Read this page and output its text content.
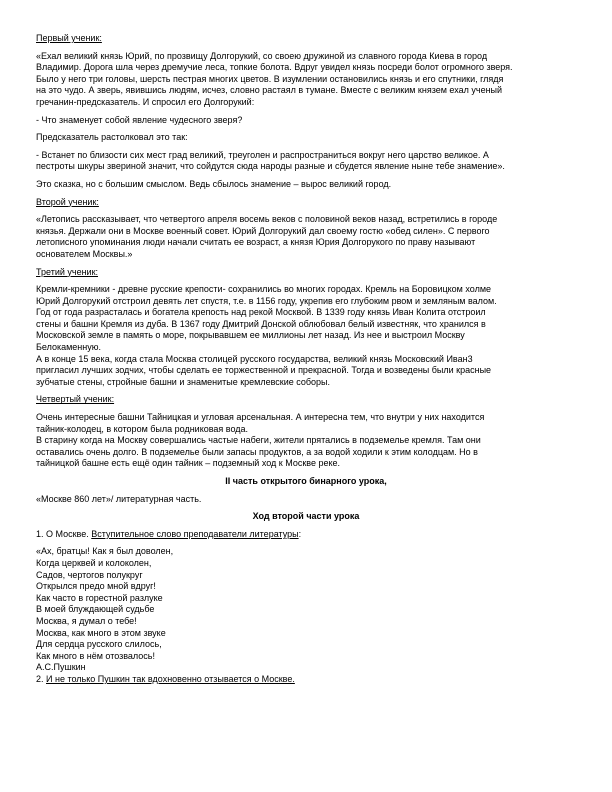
Первый ученик:
«Ехал великий князь Юрий, по прозвищу Долгорукий, со своею дружиной из славного города Киева в город
Владимир. Дорога шла через дремучие леса, топкие болота. Вдруг увидел князь посреди болот огромного зверя.
Было у него три головы, шерсть пестрая многих цветов. В изумлении остановились князь и его спутники, глядя
на это чудо. А зверь, явившись людям, исчез, словно растаял в тумане. Вместе с великим князем ехал ученый
гречанин-предсказатель. И спросил его Долгорукий:
- Что знаменует собой явление чудесного зверя?
Предсказатель растолковал это так:
- Встанет по близости сих мест град великий, треуголен и распространиться вокруг него царство великое. А
пестроты шкуры звериной значит, что сойдутся сюда народы разные и сбудется явление ныне тебе знамение».
Это сказка, но с большим смыслом. Ведь сбылось знамение – вырос великий город.
Второй ученик:
«Летопись рассказывает, что четвертого апреля восемь веков с половиной веков назад, встретились в городе
князья. Держали они в Москве военный совет. Юрий Долгорукий дал своему гостю «обед силен». С первого
летописного упоминания люди начали считать ее возраст, а князя Юрия Долгорукого по праву называют
основателем Москвы.»
Третий ученик:
Кремли-кремники - древне русские крепости- сохранились во многих городах. Кремль на Боровицком холме
Юрий Долгорукий отстроил девять лет спустя, т.е. в 1156 году, укрепив его глубоким рвом и земляным валом.
Год от года разрасталась и богатела крепость над рекой Москвой. В 1339 году князь Иван Колита отстроил
стены и башни Кремля из дуба. В 1367 году Дмитрий Донской облюбовал белый известняк, что хранился в
Московской земле в память о море, покрывавшем ее миллионы лет назад. Из нее и выстроил Москву
Белокаменную.
А в конце 15 века, когда стала Москва столицей русского государства, великий князь Московский Иван3
пригласил лучших зодчих, чтобы сделать ее торжественной и прекрасной. Тогда и возведены были красные
зубчатые стены, стройные башни и знаменитые кремлевские соборы.
Четвертый ученик:
Очень интересные башни Тайницкая и угловая арсенальная. А интересна тем, что внутри у них находится
тайник-колодец, в котором была родниковая вода.
В старину когда на Москву совершались частые набеги, жители прятались в подземелье кремля. Там они
оставались очень долго. В подземелье были запасы продуктов, а за водой ходили к этим колодцам. Но в
тайницкой башне есть ещё один тайник – подземный ход к Москве реке.
II часть открытого бинарного урока,
«Москве 860 лет»/ литературная часть.
Ход второй части урока
1. О Москве. Вступительное слово преподаватели литературы:
«Ах, братцы! Как я был доволен,
Когда церквей и колоколен,
Садов, чертогов полукруг
Открылся предо мной вдруг!
Как часто в горестной разлуке
В моей блуждающей судьбе
Москва, я думал о тебе!
Москва, как много в этом звуке
Для сердца русского слилось,
Как много в нём отозвалось!
А.С.Пушкин
2. И не только Пушкин так вдохновенно отзывается о Москве.
